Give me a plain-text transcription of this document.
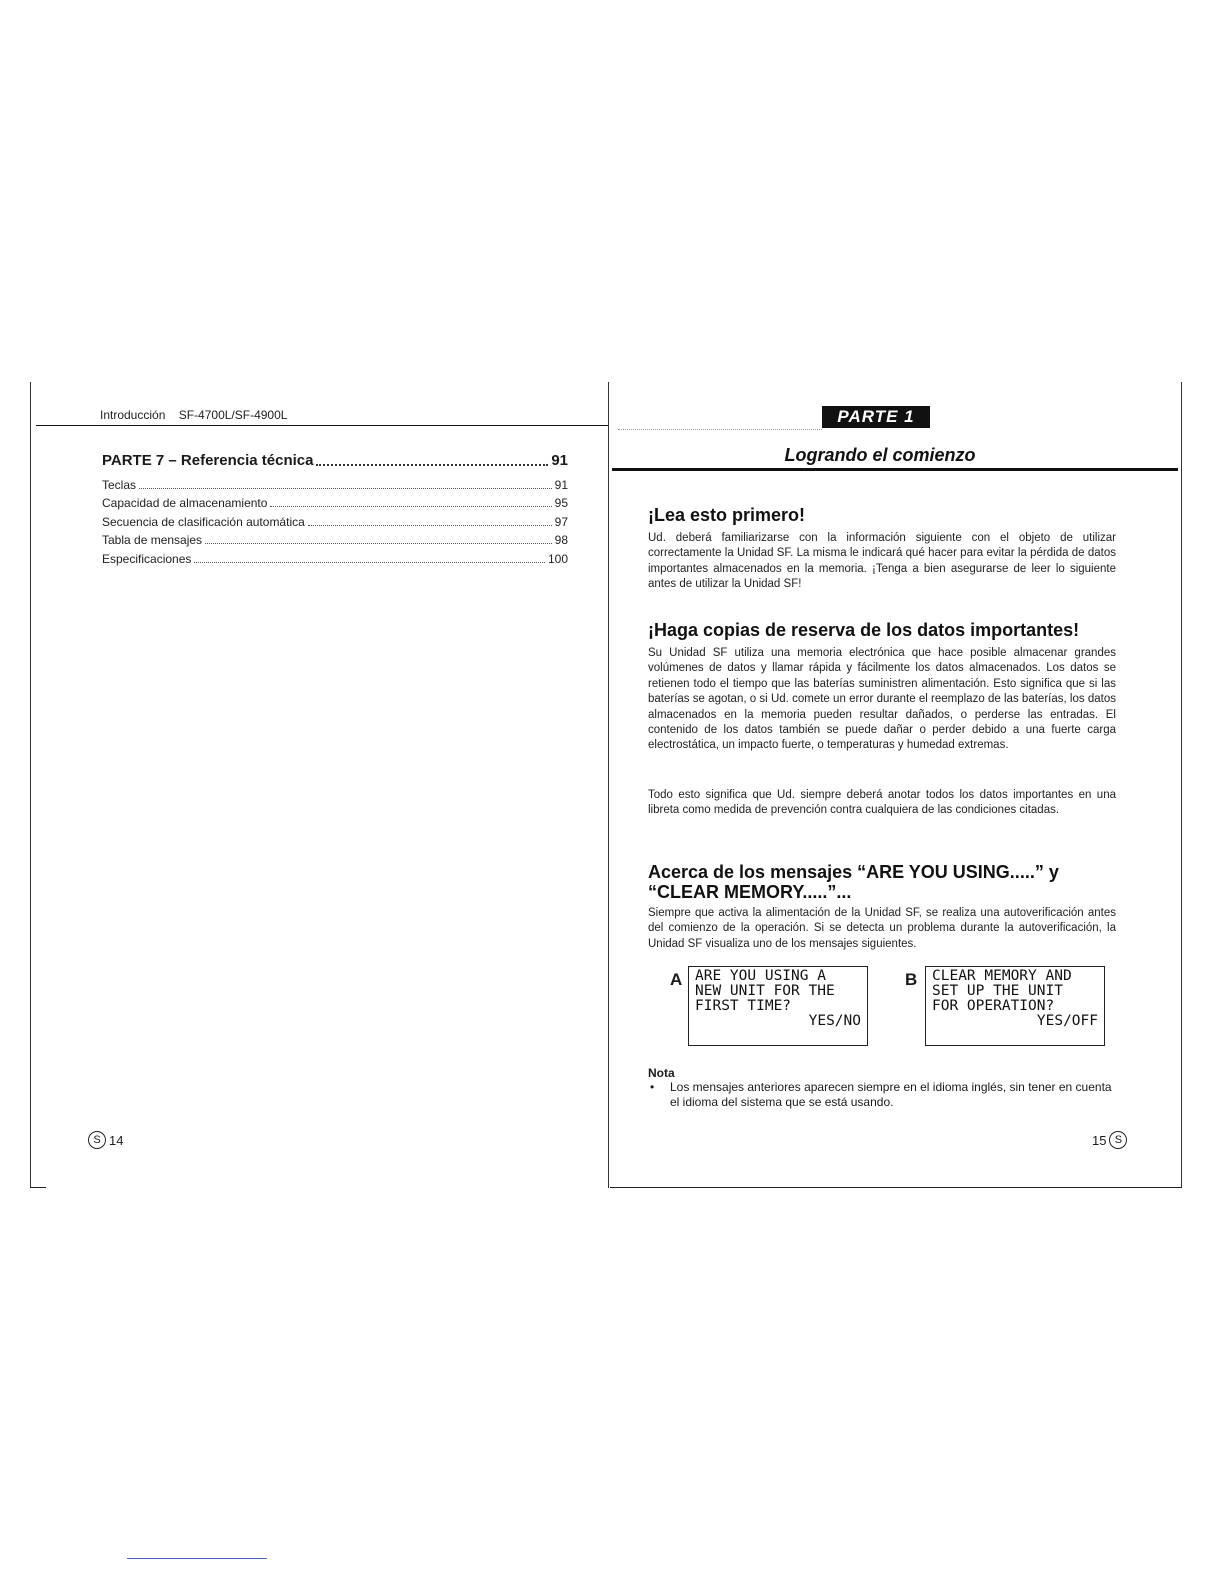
Introducción SF-4700L/SF-4900L
PARTE 7 – Referencia técnica	91
Teclas	91
Capacidad de almacenamiento	95
Secuencia de clasificación automática	97
Tabla de mensajes	98
Especificaciones	100
S 14
PARTE 1
Logrando el comienzo
¡Lea esto primero!
Ud. deberá familiarizarse con la información siguiente con el objeto de utilizar correctamente la Unidad SF. La misma le indicará qué hacer para evitar la pérdida de datos importantes almacenados en la memoria. ¡Tenga a bien asegurarse de leer lo siguiente antes de utilizar la Unidad SF!
¡Haga copias de reserva de los datos importantes!
Su Unidad SF utiliza una memoria electrónica que hace posible almacenar grandes volúmenes de datos y llamar rápida y fácilmente los datos almacenados. Los datos se retienen todo el tiempo que las baterías suministren alimentación. Esto significa que si las baterías se agotan, o si Ud. comete un error durante el reemplazo de las baterías, los datos almacenados en la memoria pueden resultar dañados, o perderse las entradas. El contenido de los datos también se puede dañar o perder debido a una fuerte carga electrostática, un impacto fuerte, o temperaturas y humedad extremas.
Todo esto significa que Ud. siempre deberá anotar todos los datos importantes en una libreta como medida de prevención contra cualquiera de las condiciones citadas.
Acerca de los mensajes “ARE YOU USING.....” y “CLEAR MEMORY.....”...
Siempre que activa la alimentación de la Unidad SF, se realiza una autoverificación antes del comienzo de la operación. Si se detecta un problema durante la autoverificación, la Unidad SF visualiza uno de los mensajes siguientes.
A ARE YOU USING A
NEW UNIT FOR THE
FIRST TIME?
YES/NO
B CLEAR MEMORY AND
SET UP THE UNIT
FOR OPERATION?
YES/OFF
Nota
•	Los mensajes anteriores aparecen siempre en el idioma inglés, sin tener en cuenta el idioma del sistema que se está usando.
15 S
